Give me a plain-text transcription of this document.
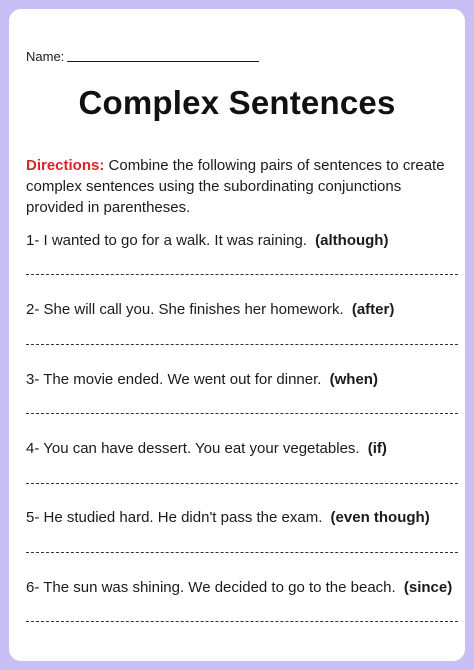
Name:
Complex Sentences
Directions: Combine the following pairs of sentences to create complex sentences using the subordinating conjunctions provided in parentheses.
1- I wanted to go for a walk. It was raining. (although)
2- She will call you. She finishes her homework. (after)
3- The movie ended. We went out for dinner. (when)
4- You can have dessert. You eat your vegetables. (if)
5- He studied hard. He didn't pass the exam. (even though)
6- The sun was shining. We decided to go to the beach. (since)
